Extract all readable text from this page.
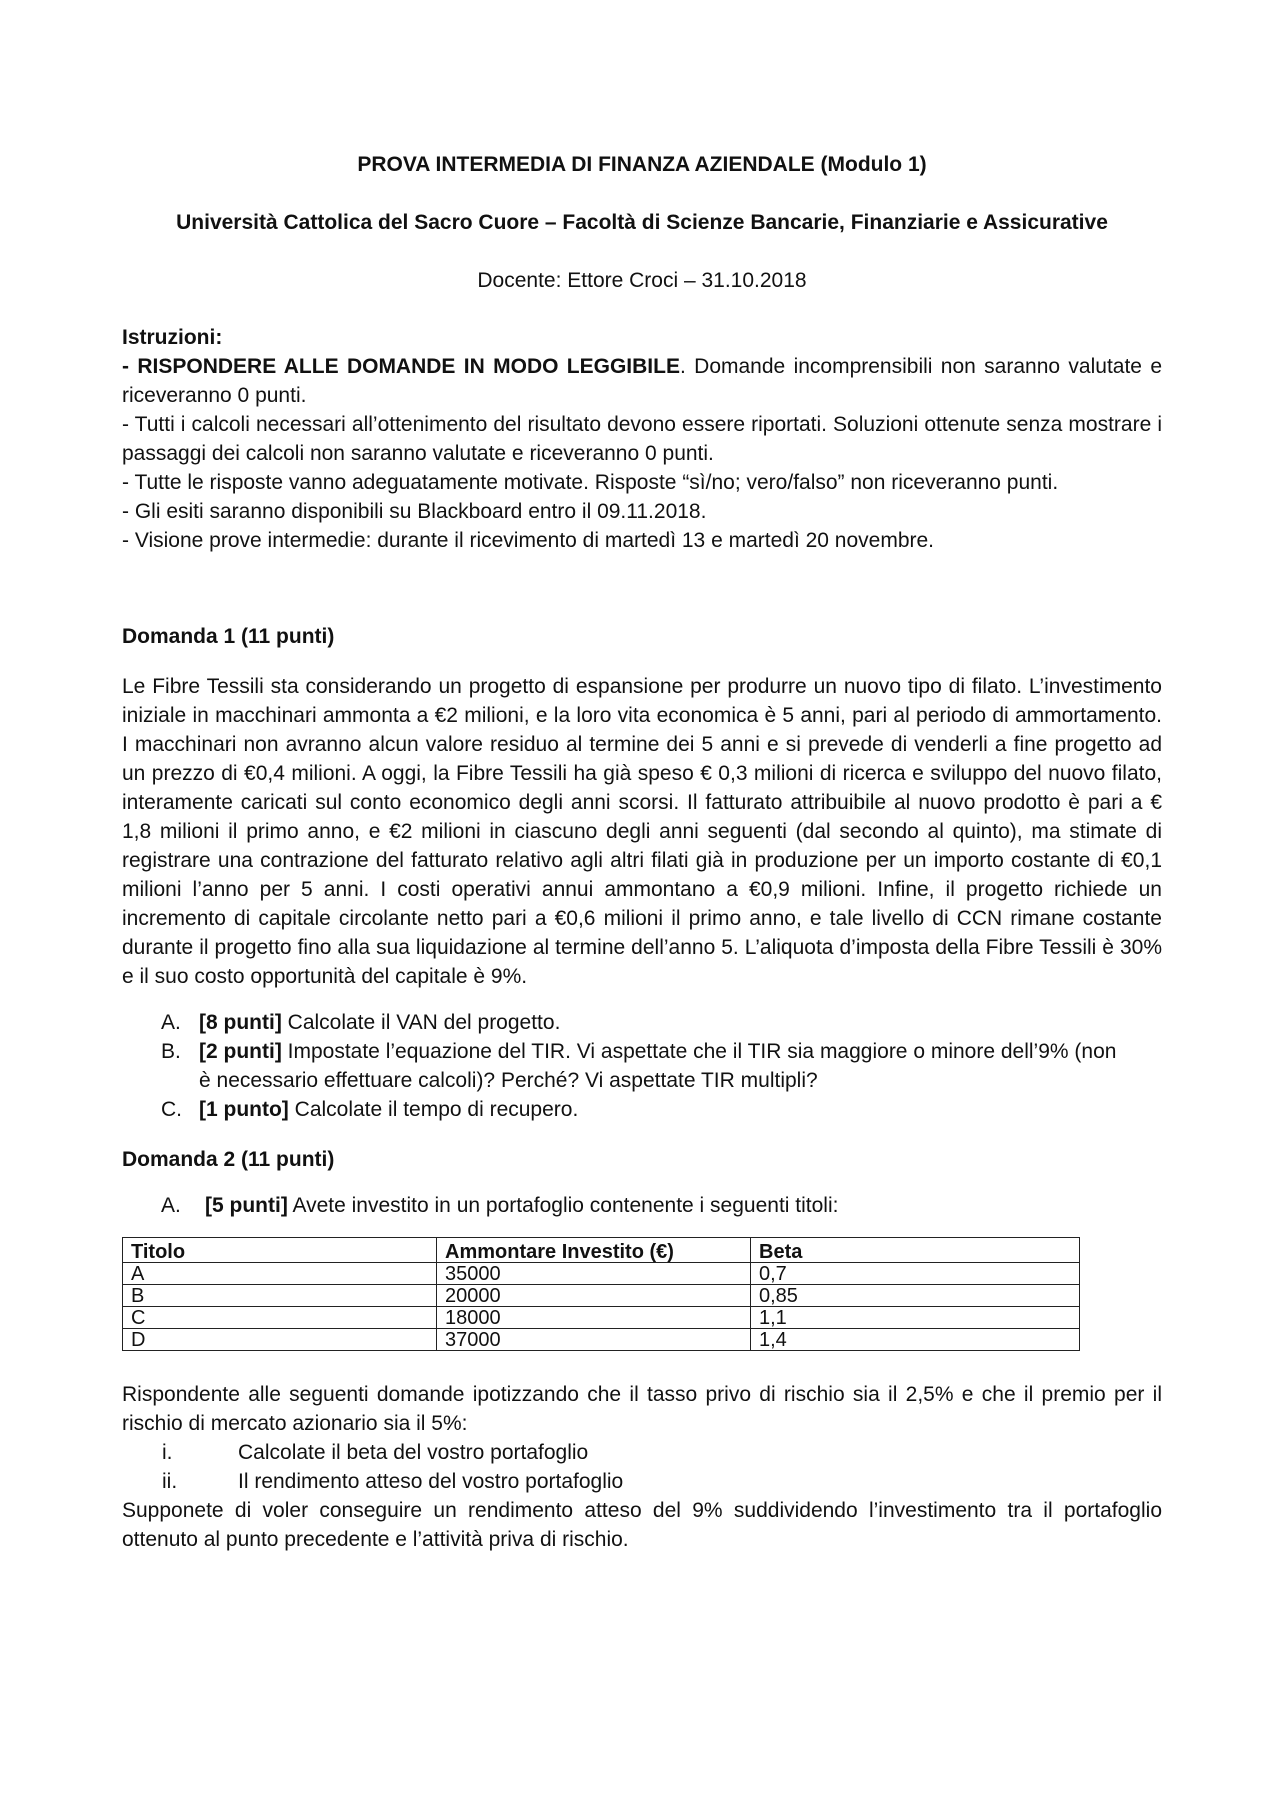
PROVA INTERMEDIA DI FINANZA AZIENDALE (Modulo 1)

Università Cattolica del Sacro Cuore – Facoltà di Scienze Bancarie, Finanziarie e Assicurative

Docente: Ettore Croci – 31.10.2018

Istruzioni:

- RISPONDERE ALLE DOMANDE IN MODO LEGGIBILE. Domande incomprensibili non saranno valutate e riceveranno 0 punti.

- Tutti i calcoli necessari all’ottenimento del risultato devono essere riportati. Soluzioni ottenute senza mostrare i passaggi dei calcoli non saranno valutate e riceveranno 0 punti.

- Tutte le risposte vanno adeguatamente motivate. Risposte “sì/no; vero/falso” non riceveranno punti.

- Gli esiti saranno disponibili su Blackboard entro il 09.11.2018.

- Visione prove intermedie: durante il ricevimento di martedì 13 e martedì 20 novembre.

Domanda 1 (11 punti)

Le Fibre Tessili sta considerando un progetto di espansione per produrre un nuovo tipo di filato. L’investimento iniziale in macchinari ammonta a €2 milioni, e la loro vita economica è 5 anni, pari al periodo di ammortamento. I macchinari non avranno alcun valore residuo al termine dei 5 anni e si prevede di venderli a fine progetto ad un prezzo di €0,4 milioni. A oggi, la Fibre Tessili ha già speso € 0,3 milioni di ricerca e sviluppo del nuovo filato, interamente caricati sul conto economico degli anni scorsi. Il fatturato attribuibile al nuovo prodotto è pari a € 1,8 milioni il primo anno, e €2 milioni in ciascuno degli anni seguenti (dal secondo al quinto), ma stimate di registrare una contrazione del fatturato relativo agli altri filati già in produzione per un importo costante di €0,1 milioni l’anno per 5 anni. I costi operativi annui ammontano a €0,9 milioni. Infine, il progetto richiede un incremento di capitale circolante netto pari a €0,6 milioni il primo anno, e tale livello di CCN rimane costante durante il progetto fino alla sua liquidazione al termine dell’anno 5. L’aliquota d’imposta della Fibre Tessili è 30% e il suo costo opportunità del capitale è 9%.

A. [8 punti] Calcolate il VAN del progetto.
B. [2 punti] Impostate l’equazione del TIR. Vi aspettate che il TIR sia maggiore o minore dell’9% (non è necessario effettuare calcoli)? Perché? Vi aspettate TIR multipli?
C. [1 punto] Calcolate il tempo di recupero.

Domanda 2 (11 punti)

A.	[5 punti] Avete investito in un portafoglio contenente i seguenti titoli:
Titolo	Ammontare Investito (€)	Beta
A	35000	0,7
B	20000	0,85
C	18000	1,1
D	37000	1,4

Rispondente alle seguenti domande ipotizzando che il tasso privo di rischio sia il 2,5% e che il premio per il rischio di mercato azionario sia il 5%:

i.	Calcolate il beta del vostro portafoglio
ii.	Il rendimento atteso del vostro portafoglio

Supponete di voler conseguire un rendimento atteso del 9% suddividendo l’investimento tra il portafoglio ottenuto al punto precedente e l’attività priva di rischio.
